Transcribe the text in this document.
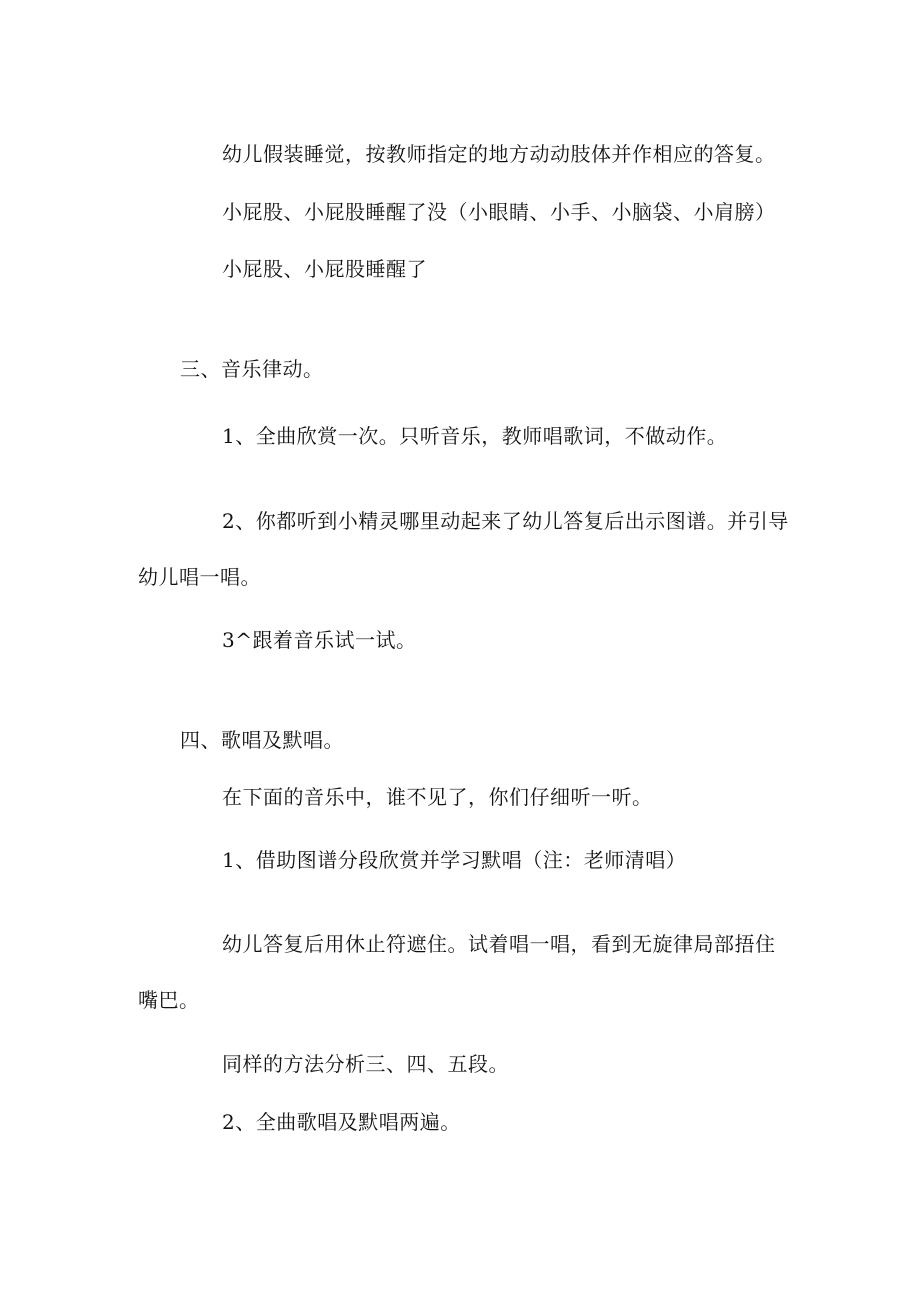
幼儿假装睡觉，按教师指定的地方动动肢体并作相应的答复。
小屁股、小屁股睡醒了没（小眼睛、小手、小脑袋、小肩膀）
小屁股、小屁股睡醒了
三、音乐律动。
1、全曲欣赏一次。只听音乐，教师唱歌词，不做动作。
2、你都听到小精灵哪里动起来了幼儿答复后出示图谱。并引导
幼儿唱一唱。
3^跟着音乐试一试。
四、歌唱及默唱。
在下面的音乐中，谁不见了，你们仔细听一听。
1、借助图谱分段欣赏并学习默唱（注：老师清唱）
幼儿答复后用休止符遮住。试着唱一唱，看到无旋律局部捂住
嘴巴。
同样的方法分析三、四、五段。
2、全曲歌唱及默唱两遍。
